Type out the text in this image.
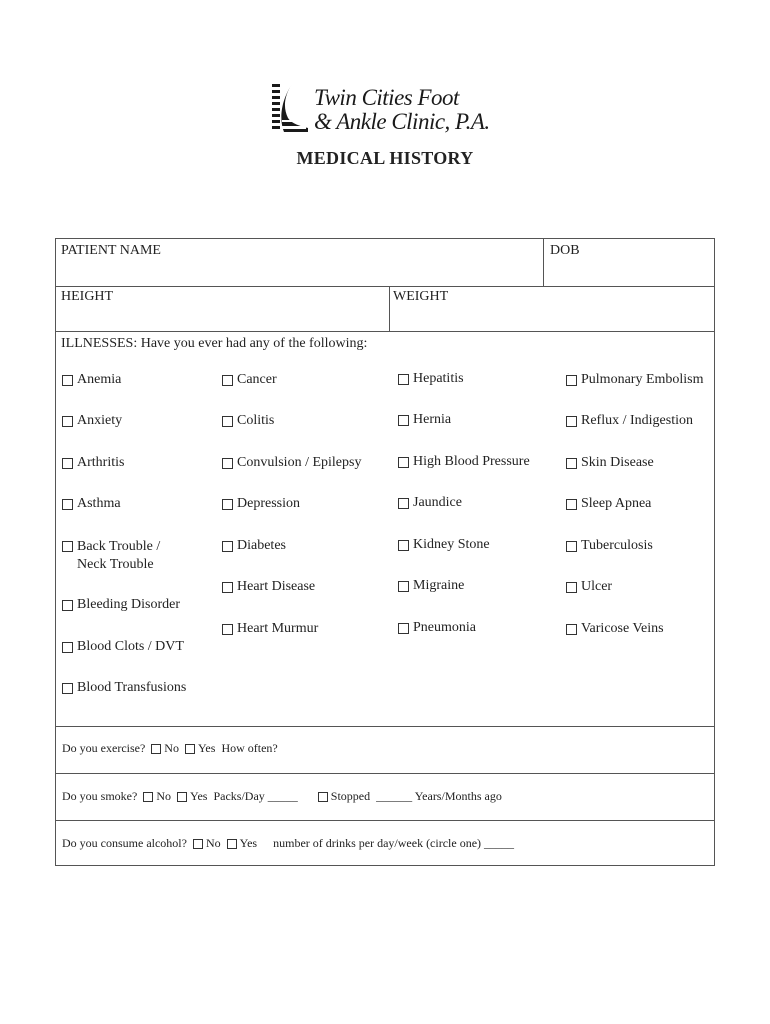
Twin Cities Foot
& Ankle Clinic, P.A.
MEDICAL HISTORY
PATIENT NAME	DOB
HEIGHT	WEIGHT
ILLNESSES: Have you ever had any of the following:
Anemia
Anxiety
Arthritis
Asthma
Back Trouble /
Neck Trouble
Bleeding Disorder
Blood Clots / DVT
Blood Transfusions
Cancer
Colitis
Convulsion / Epilepsy
Depression
Diabetes
Heart Disease
Heart Murmur
Hepatitis
Hernia
High Blood Pressure
Jaundice
Kidney Stone
Migraine
Pneumonia
Pulmonary Embolism
Reflux / Indigestion
Skin Disease
Sleep Apnea
Tuberculosis
Ulcer
Varicose Veins
Do you exercise? No Yes How often?
Do you smoke? No Yes Packs/Day _____	Stopped ______ Years/Months ago
Do you consume alcohol? No Yes number of drinks per day/week (circle one) _____
